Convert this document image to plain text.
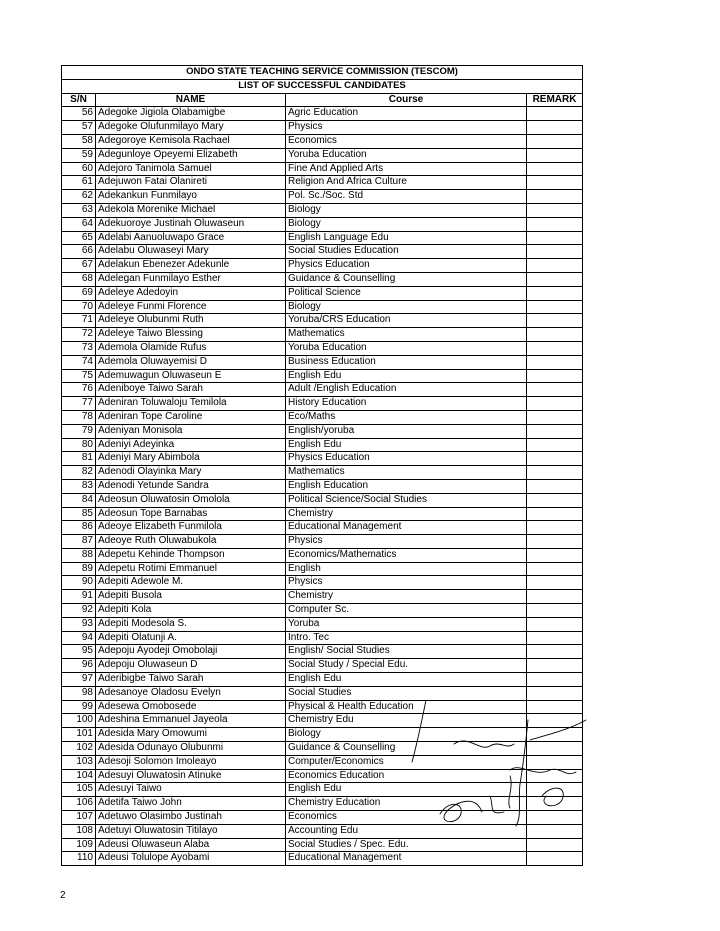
ONDO STATE TEACHING SERVICE COMMISSION (TESCOM)			
LIST OF SUCCESSFUL CANDIDATES			
S/N	NAME	Course	REMARK
56	Adegoke Jigiola Olabamigbe	Agric Education	
57	Adegoke Olufunmilayo Mary	Physics	
58	Adegoroye Kemisola Rachael	Economics	
59	Adegunloye Opeyemi Elizabeth	Yoruba Education	
60	Adejoro Tanimola Samuel	Fine And Applied Arts	
61	Adejuwon Fatai Olanireti	Religion And Africa Culture	
62	Adekankun Funmilayo	Pol. Sc./Soc. Std	
63	Adekola Morenike Michael	Biology	
64	Adekuoroye Justinah Oluwaseun	Biology	
65	Adelabi Aanuoluwapo Grace	English Language Edu	
66	Adelabu Oluwaseyi Mary	Social Studies Education	
67	Adelakun Ebenezer Adekunle	Physics Education	
68	Adelegan Funmilayo Esther	Guidance & Counselling	
69	Adeleye Adedoyin	Political Science	
70	Adeleye Funmi Florence	Biology	
71	Adeleye Olubunmi Ruth	Yoruba/CRS Education	
72	Adeleye Taiwo Blessing	Mathematics	
73	Ademola Olamide Rufus	Yoruba Education	
74	Ademola Oluwayemisi D	Business Education	
75	Ademuwagun Oluwaseun E	English Edu	
76	Adeniboye Taiwo Sarah	Adult /English Education	
77	Adeniran Toluwaloju Temilola	History Education	
78	Adeniran Tope Caroline	Eco/Maths	
79	Adeniyan Monisola	English/yoruba	
80	Adeniyi Adeyinka	English Edu	
81	Adeniyi Mary Abimbola	Physics Education	
82	Adenodi Olayinka Mary	Mathematics	
83	Adenodi Yetunde Sandra	English Education	
84	Adeosun Oluwatosin Omolola	Political Science/Social Studies	
85	Adeosun Tope Barnabas	Chemistry	
86	Adeoye Elizabeth Funmilola	Educational Management	
87	Adeoye Ruth Oluwabukola	Physics	
88	Adepetu Kehinde Thompson	Economics/Mathematics	
89	Adepetu Rotimi Emmanuel	English	
90	Adepiti Adewole M.	Physics	
91	Adepiti Busola	Chemistry	
92	Adepiti Kola	Computer Sc.	
93	Adepiti Modesola S.	Yoruba	
94	Adepiti Olatunji A.	Intro. Tec	
95	Adepoju Ayodeji Omobolaji	English/ Social Studies	
96	Adepoju Oluwaseun D	Social Study / Special Edu.	
97	Aderibigbe Taiwo Sarah	English Edu	
98	Adesanoye Oladosu Evelyn	Social Studies	
99	Adesewa Omobosede	Physical & Health Education	
100	Adeshina Emmanuel Jayeola	Chemistry Edu	
101	Adesida Mary Omowumi	Biology	
102	Adesida Odunayo Olubunmi	Guidance & Counselling	
103	Adesoji Solomon Imoleayo	Computer/Economics	
104	Adesuyi Oluwatosin Atinuke	Economics Education	
105	Adesuyi Taiwo	English Edu	
106	Adetifa Taiwo John	Chemistry Education	
107	Adetuwo Olasimbo Justinah	Economics	
108	Adetuyi Oluwatosin Titilayo	Accounting Edu	
109	Adeusi Oluwaseun Alaba	Social Studies / Spec. Edu.	
110	Adeusi Tolulope Ayobami	Educational Management	
2
